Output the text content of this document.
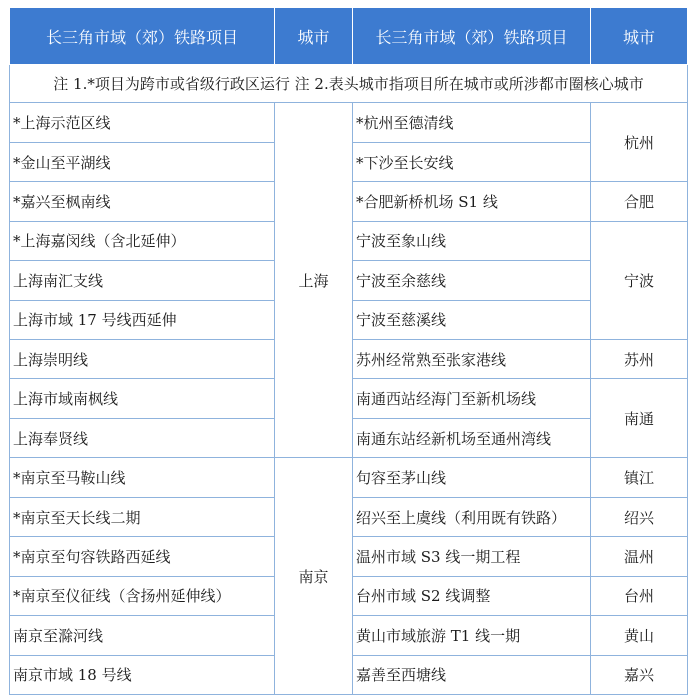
长三角市域（郊）铁路项目	城市	长三角市域（郊）铁路项目	城市
注 1.*项目为跨市或省级行政区运行 注 2.表头城市指项目所在城市或所涉都市圈核心城市			
*上海示范区线	上海	*杭州至德清线	杭州
*金山至平湖线		*下沙至长安线	
*嘉兴至枫南线		*合肥新桥机场 S1 线	合肥
*上海嘉闵线（含北延伸）		宁波至象山线	宁波
上海南汇支线		宁波至余慈线	
上海市域 17 号线西延伸		宁波至慈溪线	
上海崇明线		苏州经常熟至张家港线	苏州
上海市域南枫线		南通西站经海门至新机场线	南通
上海奉贤线		南通东站经新机场至通州湾线	
*南京至马鞍山线	南京	句容至茅山线	镇江
*南京至天长线二期		绍兴至上虞线（利用既有铁路）	绍兴
*南京至句容铁路西延线		温州市域 S3 线一期工程	温州
*南京至仪征线（含扬州延伸线）		台州市域 S2 线调整	台州
南京至滁河线		黄山市域旅游 T1 线一期	黄山
南京市域 18 号线		嘉善至西塘线	嘉兴
